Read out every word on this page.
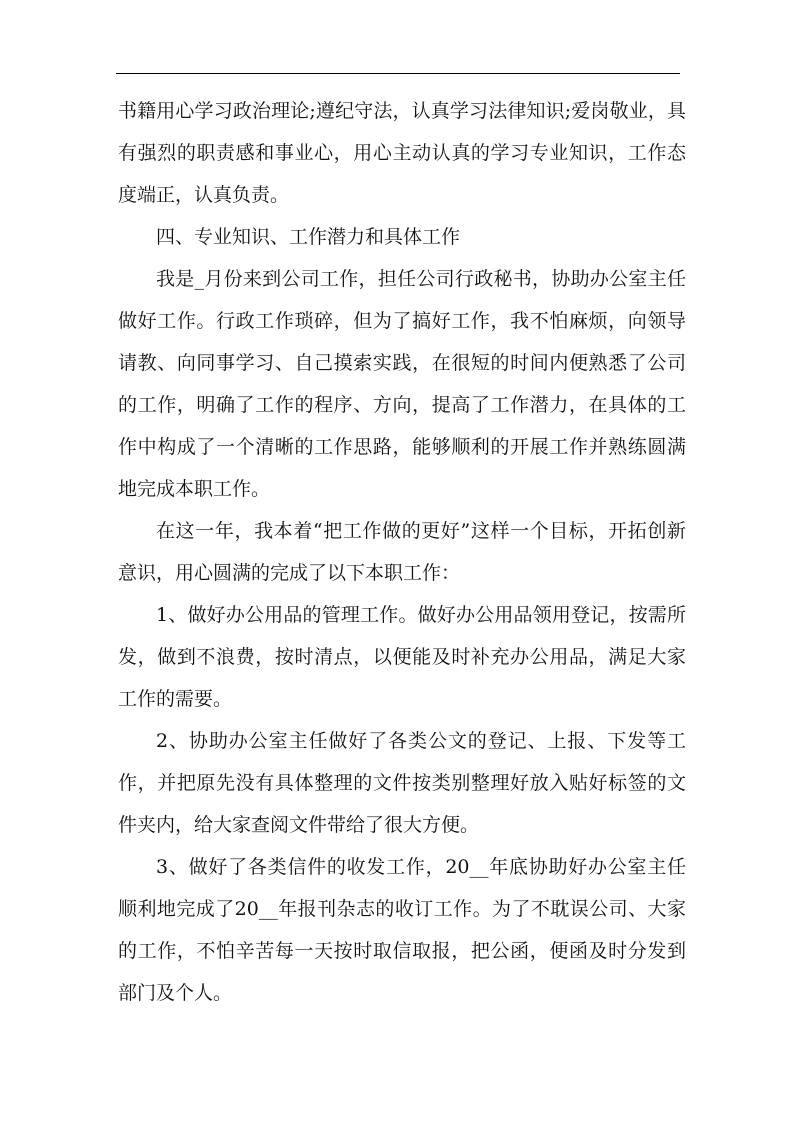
书籍用心学习政治理论;遵纪守法，认真学习法律知识;爱岗敬业，具有强烈的职责感和事业心，用心主动认真的学习专业知识，工作态度端正，认真负责。

四、专业知识、工作潜力和具体工作

我是_月份来到公司工作，担任公司行政秘书，协助办公室主任做好工作。行政工作琐碎，但为了搞好工作，我不怕麻烦，向领导请教、向同事学习、自己摸索实践，在很短的时间内便熟悉了公司的工作，明确了工作的程序、方向，提高了工作潜力，在具体的工作中构成了一个清晰的工作思路，能够顺利的开展工作并熟练圆满地完成本职工作。

在这一年，我本着“把工作做的更好”这样一个目标，开拓创新意识，用心圆满的完成了以下本职工作：

1、做好办公用品的管理工作。做好办公用品领用登记，按需所发，做到不浪费，按时清点，以便能及时补充办公用品，满足大家工作的需要。

2、协助办公室主任做好了各类公文的登记、上报、下发等工作，并把原先没有具体整理的文件按类别整理好放入贴好标签的文件夹内，给大家查阅文件带给了很大方便。

3、做好了各类信件的收发工作，20__年底协助好办公室主任顺利地完成了20__年报刊杂志的收订工作。为了不耽误公司、大家的工作，不怕辛苦每一天按时取信取报，把公函，便函及时分发到部门及个人。
